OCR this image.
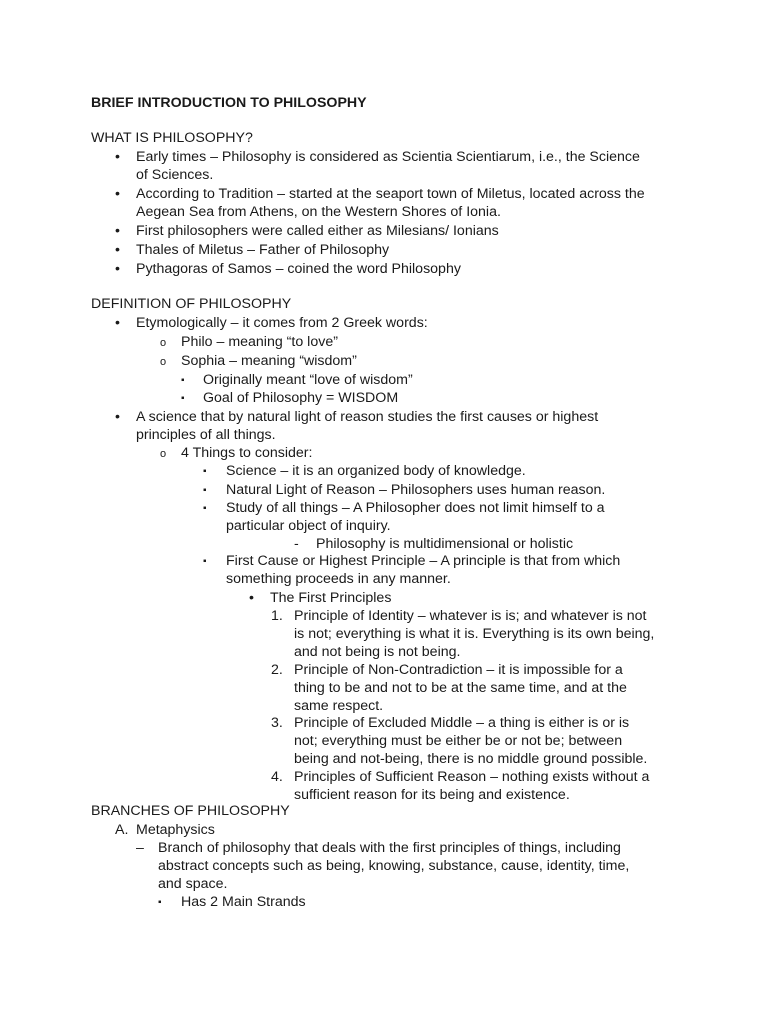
BRIEF INTRODUCTION TO PHILOSOPHY
WHAT IS PHILOSOPHY?
• Early times – Philosophy is considered as Scientia Scientiarum, i.e., the Science
of Sciences.
• According to Tradition – started at the seaport town of Miletus, located across the
Aegean Sea from Athens, on the Western Shores of Ionia.
• First philosophers were called either as Milesians/ Ionians
• Thales of Miletus – Father of Philosophy
• Pythagoras of Samos – coined the word Philosophy
DEFINITION OF PHILOSOPHY
• Etymologically – it comes from 2 Greek words:
o Philo – meaning “to love”
o Sophia – meaning “wisdom”
▪ Originally meant “love of wisdom”
▪ Goal of Philosophy = WISDOM
• A science that by natural light of reason studies the first causes or highest
principles of all things.
o 4 Things to consider:
▪ Science – it is an organized body of knowledge.
▪ Natural Light of Reason – Philosophers uses human reason.
▪ Study of all things – A Philosopher does not limit himself to a
particular object of inquiry.
- Philosophy is multidimensional or holistic
▪ First Cause or Highest Principle – A principle is that from which
something proceeds in any manner.
• The First Principles
1. Principle of Identity – whatever is is; and whatever is not
is not; everything is what it is. Everything is its own being,
and not being is not being.
2. Principle of Non-Contradiction – it is impossible for a
thing to be and not to be at the same time, and at the
same respect.
3. Principle of Excluded Middle – a thing is either is or is
not; everything must be either be or not be; between
being and not-being, there is no middle ground possible.
4. Principles of Sufficient Reason – nothing exists without a
sufficient reason for its being and existence.
BRANCHES OF PHILOSOPHY
A. Metaphysics
– Branch of philosophy that deals with the first principles of things, including
abstract concepts such as being, knowing, substance, cause, identity, time,
and space.
▪ Has 2 Main Strands
